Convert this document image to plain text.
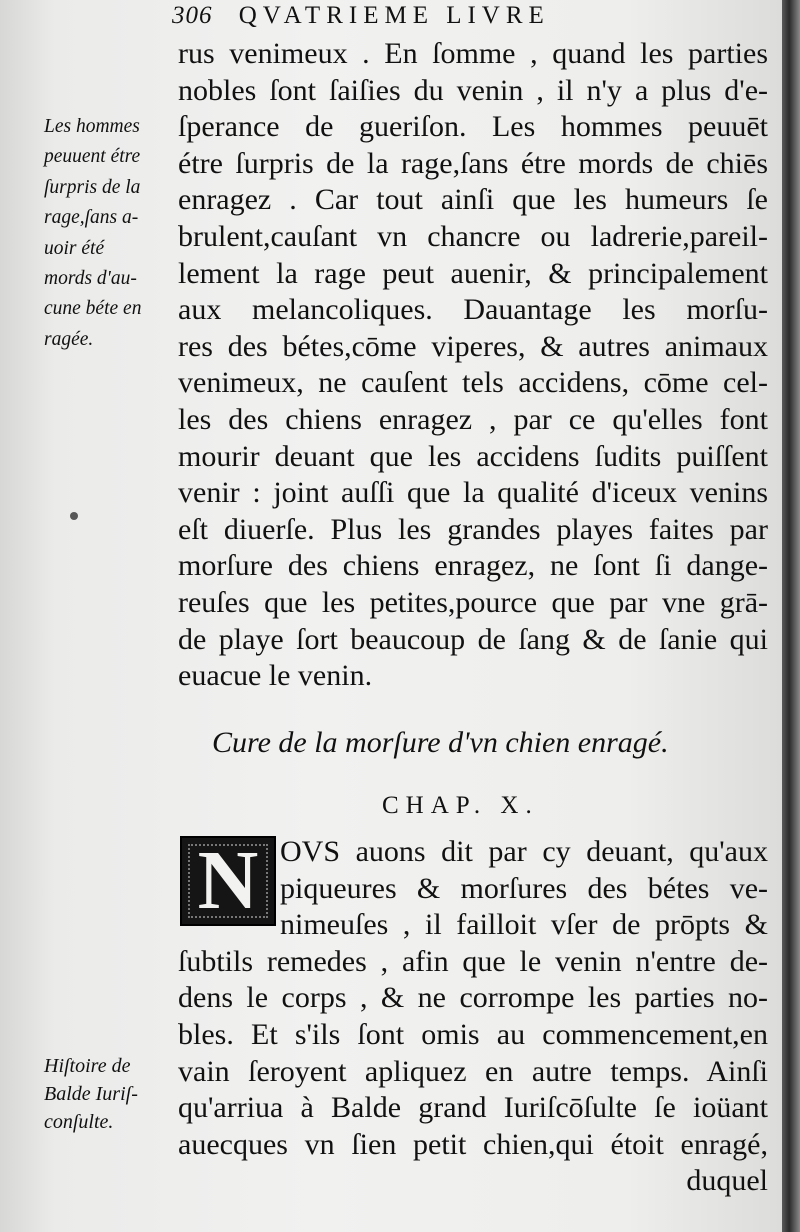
306 QVATRIEME LIVRE
rus venimeux . En ſomme , quand les parties
nobles ſont ſaiſies du venin , il n'y a plus d'e-
ſperance de gueriſon. Les hommes peuuēt
étre ſurpris de la rage,ſans étre mords de chiēs
enragez . Car tout ainſi que les humeurs ſe
brulent,cauſant vn chancre ou ladrerie,pareil-
lement la rage peut auenir, & principalement
aux melancoliques. Dauantage les morſu-
res des bétes,cōme viperes, & autres animaux
venimeux, ne cauſent tels accidens, cōme cel-
les des chiens enragez , par ce qu'elles font
mourir deuant que les accidens ſudits puiſſent
venir : joint auſſi que la qualité d'iceux venins
eſt diuerſe. Plus les grandes playes faites par
morſure des chiens enragez, ne ſont ſi dange-
reuſes que les petites,pource que par vne grā-
de playe ſort beaucoup de ſang & de ſanie qui
euacue le venin.
Les hommes
peuuent étre
ſurpris de la
rage,ſans a-
uoir été
mords d'au-
cune béte en
ragée.
Cure de la morſure d'vn chien enragé.
CHAP. X.
N OVS auons dit par cy deuant, qu'aux
piqueures & morſures des bétes ve-
nimeuſes , il failloit vſer de prōpts &
ſubtils remedes , afin que le venin n'entre de-
dens le corps , & ne corrompe les parties no-
bles. Et s'ils ſont omis au commencement,en
vain ſeroyent apliquez en autre temps. Ainſi
qu'arriua à Balde grand Iuriſcōſulte ſe ioüant
auecques vn ſien petit chien,qui étoit enragé,
duquel
Hiſtoire de
Balde Iuriſ-
conſulte.
